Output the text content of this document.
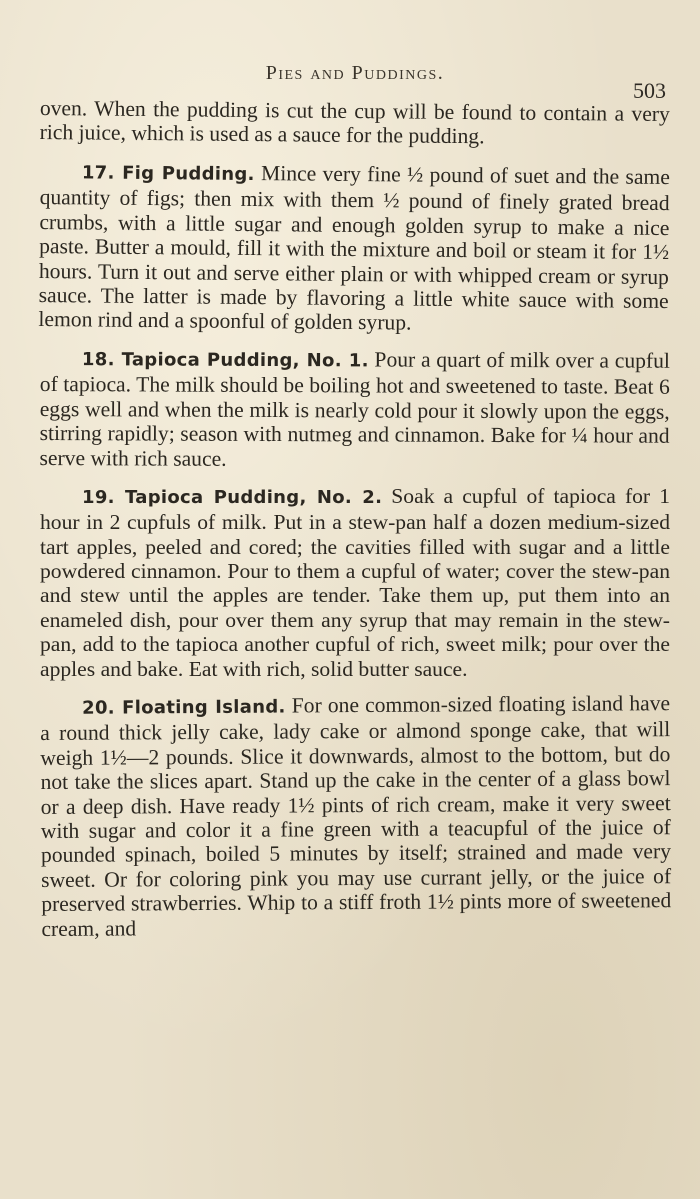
Pies and Puddings.
503

oven. When the pudding is cut the cup will be found to contain a very rich juice, which is used as a sauce for the pudding.

17. Fig Pudding. Mince very fine ½ pound of suet and the same quantity of figs; then mix with them ½ pound of finely grated bread crumbs, with a little sugar and enough golden syrup to make a nice paste. Butter a mould, fill it with the mixture and boil or steam it for 1½ hours. Turn it out and serve either plain or with whipped cream or syrup sauce. The latter is made by flavoring a little white sauce with some lemon rind and a spoonful of golden syrup.

18. Tapioca Pudding, No. 1. Pour a quart of milk over a cupful of tapioca. The milk should be boiling hot and sweetened to taste. Beat 6 eggs well and when the milk is nearly cold pour it slowly upon the eggs, stirring rapidly; season with nutmeg and cinnamon. Bake for ¼ hour and serve with rich sauce.

19. Tapioca Pudding, No. 2. Soak a cupful of tapioca for 1 hour in 2 cupfuls of milk. Put in a stew-pan half a dozen medium-sized tart apples, peeled and cored; the cavities filled with sugar and a little powdered cinnamon. Pour to them a cupful of water; cover the stew-pan and stew until the apples are tender. Take them up, put them into an enameled dish, pour over them any syrup that may remain in the stew-pan, add to the tapioca another cupful of rich, sweet milk; pour over the apples and bake. Eat with rich, solid butter sauce.

20. Floating Island. For one common-sized floating island have a round thick jelly cake, lady cake or almond sponge cake, that will weigh 1½—2 pounds. Slice it downwards, almost to the bottom, but do not take the slices apart. Stand up the cake in the center of a glass bowl or a deep dish. Have ready 1½ pints of rich cream, make it very sweet with sugar and color it a fine green with a teacupful of the juice of pounded spinach, boiled 5 minutes by itself; strained and made very sweet. Or for coloring pink you may use currant jelly, or the juice of preserved strawberries. Whip to a stiff froth 1½ pints more of sweetened cream, and
